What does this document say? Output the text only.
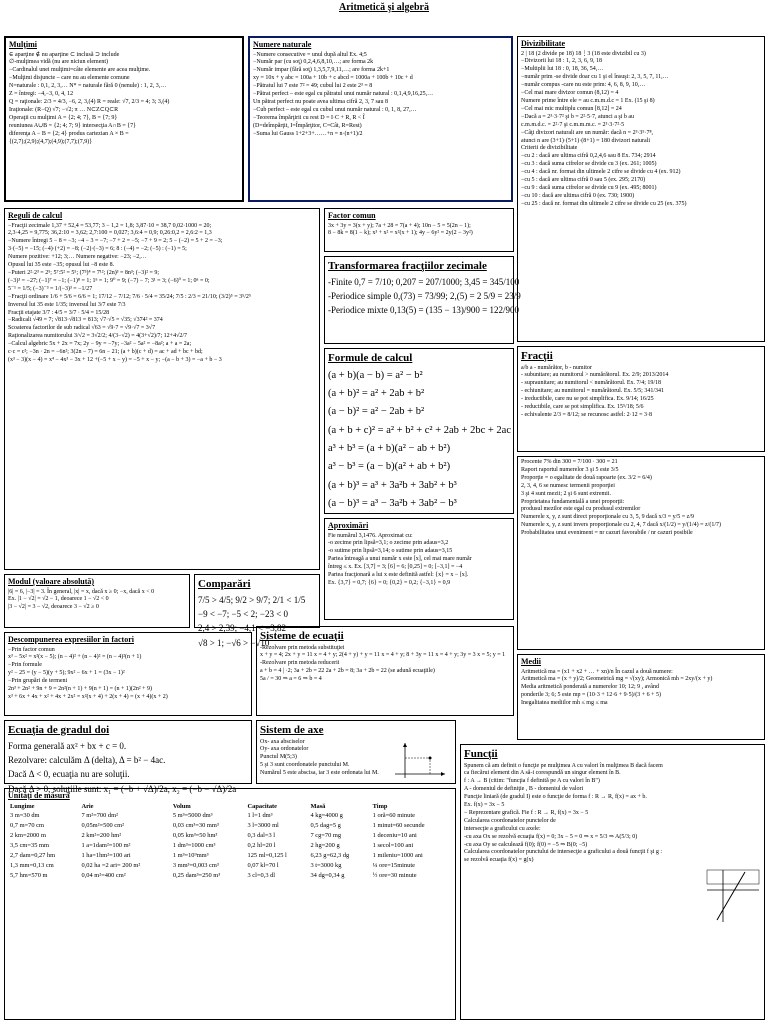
Aritmetică şi algebră
Mulţimi
∈ aparţine ∉ nu aparţine ⊂ inclusă ⊃ include
∅-mulţimea vidă (nu are niciun element)
−Cardinalul unei mulţimi=câte elemente are acea mulţime.
−Mulţimi disjuncte – care nu au elemente comune
N=naturale : 0,1, 2, 3,… N* = naturale fără 0 (nenule) : 1, 2, 3,…
Z = întregi: −4,−3, 0, 4, 12
Q = raţionale: 2/3 = 4/3, −6, 2, 3,(4) R = reale: √7, 2/3 = 4; 3; 3,(4)
Iraţionale: (R−Q) √7; −√2; π … N⊂Z⊂Q⊂R
Operaţii cu mulţimi A = {2; 4; 7}, B = {7; 9}
reuniunea A∪B = {2; 4; 7; 9} intersecţia A∩B = {7}
diferenţa A − B = {2; 4} produs cartezian A × B =
{(2,7);(2,9);(4,7);(4,9);(7,7);(7,9)}
Numere naturale
−Numere consecutive = unul după altul Ex. 4;5
−Număr par (cu soţ) 0,2,4,6,8,10,…; are forma 2k
−Număr impar (fără soţ) 1,3,5,7,9,11,…; are forma 2k+1
xy = 10x + y abc = 100a + 10b + c abcd = 1000a + 100b + 10c + d
−Pătratul lui 7 este 7² = 49; cubul lui 2 este 2³ = 8
−Pătrat perfect – este egal cu pătratul unui număr natural : 0,1,4,9,16,25,…
Un pătrat perfect nu poate avea ultima cifră 2, 3, 7 sau 8
−Cub perfect – este egal cu cubul unui număr natural : 0, 1, 8, 27,…
−Teorema împărţirii cu rest D = I·C + R, R < Î
(D=deîmpărţit, I=Împărţitor, C=Cât, R=Rest)
−Suma lui Gauss 1+2+3+……+n = n·(n+1)/2
Divizibilitate
2 | 18 (2 divide pe 18) 18⋮3 (18 este divizibil cu 3)
−Divizorii lui 18 : 1, 2, 3, 6, 9, 18
−Multiplii lui 18 : 0, 18, 36, 54,…
−număr prim -se divide doar cu 1 şi el însuşi: 2, 3, 5, 7, 11,…
−număr compus -care nu este prim: 4, 6, 8, 9, 10,…
−Cel mai mare divizor comun (8,12) = 4
Numere prime între ele = au c.m.m.d.c = 1 Ex. (15 şi 8)
−Cel mai mic multiplu comun [8,12] = 24
−Dacă a = 2³·3·7² şi b = 2²·5·7, atunci a şi b au
c.m.m.d.c. = 2²·7 şi c.m.m.m.c. = 2³·3·7²·5
−Câţi divizori naturali are un număr: dacă n = 2³·3⁵·7⁸,
atunci n are (3+1)·(5+1)·(8+1) = 180 divizori naturali
Criterii de divizibilitate
−cu 2 : dacă are ultima cifră 0,2,4,6 sau 8 Ex. 734; 2914
−cu 3 : dacă suma cifrelor se divide cu 3 (ex. 261; 1005)
−cu 4 : dacă nr. format din ultimele 2 cifre se divide cu 4 (ex. 912)
−cu 5 : dacă are ultima cifră 0 sau 5 (ex. 295; 2170)
−cu 9 : dacă suma cifrelor se divide cu 9 (ex. 495; 8001)
−cu 10 : dacă are ultima cifră 0 (ex. 730; 1900)
−cu 25 : dacă nr. format din ultimele 2 cifre se divide cu 25 (ex. 375)
Reguli de calcul
−Fracţii zecimale 1,37 + 52,4 = 53,77; 3 − 1,2 = 1,8; 3,87·10 = 38,7 0,02·1000 = 20;
2,3·4,25 = 9,775; 36,2:10 = 3,62; 2,7:100 = 0,027; 3,6:4 = 0,9; 0,26:0,2 = 2,6:2 = 1,3
−Numere întregi 5 − 8 = −3; −4 − 3 = −7; −7 + 2 = −5; −7 + 9 = 2; 5 − (−2) = 5 + 2 = −3;
3·(−5) = −15; (−4)·(+2) = −8; (−2)·(−3) = 6; 8 : (−4) = −2; (−5) : (−1) = 5;
Numere pozitive: +12; 3;… Numere negative: −23; −2,…
Opusul lui 35 este −35; opusul lui −8 este 8.
−Puteri 2²·2³ = 2⁵; 5⁷:5² = 5⁵; (7³)⁴ = 7¹²; (2n)³ = 8n³; (−3)² = 9;
(−3)³ = −27; (−1)⁷ = −1; (−1)⁸ = 1; 1ⁿ = 1; 9⁰ = 9; (−7) − 7; 3¹ = 3; (−6)⁰ = 1; 0ⁿ = 0;
5⁻¹ = 1/5; (−3)⁻³ = 1/(−3)³ = −1/27
−Fracţii ordinare 1/6 + 5/6 = 6/6 = 1; 17/12 − 7/12; 7/6 · 5/4 = 35/24; 7/5 : 2/3 = 21/10; (3/2)⁵ = 3⁵/2⁵
Inversul lui 35 este 1/35; inversul lui 3/7 este 7/3
Fracţii etajate 3/7 : 4/5 = 3/7 · 5/4 = 15/28
−Radicali √49 = 7; √813·√813 = 813; √7·√5 = √35; √374² = 374
Scoaterea factorilor de sub radical √63 = √9·7 = √9·√7 = 3√7
Raţionalizarea numitorului 3/√2 = 3√2/2; 4/(3−√2) = 4(3+√2)/7; 12+4√2/7
−Calcul algebric 5x + 2x = 7x; 2y − 9y = −7y; −3a² − 5a² = −8a²; a + a = 2a;
c·c = c²; −3n · 2n = −6n²; 3(2n − 7) = 6n − 21; (a + b)(c + d) = ac + ad + bc + bd;
(x³ − 3)(x − 4) = x⁴ − 4x³ − 3x + 12 +(−5 + x − y) = −5 + x − y; −(a − b + 3) = −a + b − 3
Factor comun
3x + 3y = 3(x + y); 7a + 28 = 7(a + 4); 10n − 5 = 5(2n − 1);
8 − 8k = 8(1 − k); x³ + x² = x²(x + 1); 4y − 6y² = 2y(2 − 3y²)
Transformarea fracţiilor zecimale
-Finite 0,7 = 7/10; 0,207 = 207/1000; 3,45 = 345/100
-Periodice simple 0,(73) = 73/99; 2,(5) = 2 5/9 = 23/9
-Periodice mixte 0,13(5) = (135 − 13)/900 = 122/900
Formule de calcul
(a + b)(a − b) = a² − b²
(a + b)² = a² + 2ab + b²
(a − b)² = a² − 2ab + b²
(a + b + c)² = a² + b² + c² + 2ab + 2bc + 2ac
a³ + b³ = (a + b)(a² − ab + b²)
a³ − b³ = (a − b)(a² + ab + b²)
(a + b)³ = a³ + 3a²b + 3ab² + b³
(a − b)³ = a³ − 3a²b + 3ab² − b³
Fracţii
a/b a - numărător, b - numitor
- subunitare; au numitorul > numărătorul. Ex. 2/9; 2013/2014
- supraunitare; au numitorul < numărătorul. Ex. 7/4; 19/18
- echiunitare; au numitorul = numărătorul. Ex. 5/5; 341/341
- ireductibile, care nu se pot simplifica. Ex. 9/14; 16/25
- reductibile, care se pot simplifica. Ex. 15⁵/18; 5/6
- echivalente 2/3 = 8/12; se recunosc astfel: 2·12 = 3·8
Procente 7% din 300 = 7/100 · 300 = 21
Raport raportul numerelor 3 şi 5 este 3/5
Proporţie = o egalitate de două rapoarte (ex. 3/2 = 6/4)
2, 3, 4, 6 se numesc termenii proporţiei
3 şi 4 sunt mezii; 2 şi 6 sunt extremii.
Proprietatea fundamentală a unei proporţii:
produsul mezilor este egal cu produsul extremilor
Numerele x, y, z sunt direct proporţionale cu 3, 5, 9 dacă x/3 = y/5 = z/9
Numerele x, y, z sunt invers proporţionale cu 2, 4, 7 dacă x/(1/2) = y/(1/4) = z/(1/7)
Probabilitatea unui eveniment = nr cazuri favorabile / nr cazuri posibile
Aproximări
Fie numărul 3,1476. Aproximat cu:
-o zecime prin lipsă=3,1; o zecime prin adaus=3,2
-o sutime prin lipsă=3,14; o sutime prin adaus=3,15
Partea întreagă a unui număr x este [x], cel mai mare număr
întreg ≤ x. Ex. [3,7] = 3; [6] = 6; [0,25] = 0; [−3,1] = −4
Partea fracţionară a lui x este definită astfel: {x} = x − [x].
Ex. {3,7} = 0,7; {6} = 0; {0,2} = 0,2; {−3,1} = 0,9
Modul (valoare absolută)
|6| = 6, |−3| = 3. În general, |x| = x, dacă x ≥ 0; −x, dacă x < 0
Ex. |1 − √2| = √2 − 1, deoarece 1 − √2 < 0
|3 − √2| = 3 − √2, deoarece 3 − √2 ≥ 0
Comparări
7/5 > 4/5; 9/2 > 9/7; 2/1 < 1/5
−9 < −7; −5 < 2; −23 < 0
2,4 > 2,39; −4,1 < −3,82
√8 > 1; −√6 > −√10
Descompunerea expresiilor în factori
−Prin factor comun
x³ − 5x² = x²(x − 5); (n − 4)² + (n − 4)² = (n − 4)²(n + 1)
−Prin formule
y² − 25 = (y − 5)(y + 5); 9x² − 6x + 1 = (3x − 1)²
−Prin grupări de termeni
2n³ + 2n² + 9n + 9 = 2n²(n + 1) + 9(n + 1) = (n + 1)(2n² + 9)
x³ + 6x + 4x + x² + 4x + 2x² = x²(x + 4) + 2(x + 4) = (x + 4)(x + 2)
Sisteme de ecuaţii
-Rezolvare prin metoda substituţiei
x + y = 4; 2x + y = 11 x = 4 + y; 2(4 + y) + y = 11 x = 4 + y; 8 + 3y = 11 x = 4 + y; 3y = 3 x = 5; y = 1
-Rezolvare prin metoda reducerii
a + b = 4 | ·2; 3a + 2b = 22 2a + 2b = 8; 3a + 2b = 22 (se adună ecuaţiile)
5a / = 30 ⇒ a = 6 ⇒ b = 4
Medii
Aritmetică ma = (x1 + x2 + … + xn)/n În cazul a două numere:
Aritmetică ma = (x + y)/2; Geometrică mg = √(xy); Armonică mh = 2xy/(x + y)
Media aritmetică ponderată a numerelor 10; 12; 9 , având
ponderile 3; 6; 5 este mp = (10·3 + 12·6 + 9·5)/(3 + 6 + 5)
Inegalitatea mediilor mh ≤ mg ≤ ma
Ecuaţia de gradul doi
Forma generală ax² + bx + c = 0.
Rezolvare: calculăm Δ (delta), Δ = b² − 4ac.
Dacă Δ < 0, ecuaţia nu are soluţii.
Dacă Δ > 0, soluţiile sunt: x₁ = (−b + √Δ)/2a, x₂ = (−b − √Δ)/2a
Sistem de axe
Ox- axa absciselor
Oy- axa ordonatelor
Punctul M(5;3)
5 şi 3 sunt coordonatele punctului M.
Numărul 5 este abscisa, iar 3 este ordonata lui M.
Funcţii
Spunem că am definit o funcţie pe mulţimea A cu valori în mulţimea B dacă facem
ca fiecărui element din A să-i corespundă un singur element în B.
f : A → B (citim: "funcţia f definită pe A cu valori în B")
A - domeniul de definiţie , B - domeniul de valori
Funcţie liniară (de gradul I) este o funcţie de forma f : R → R, f(x) = ax + b.
Ex. f(x) = 3x − 5
− Reprezentare grafică. Fie f : R → R, f(x) = 3x − 5
Calcularea coordonatelor punctelor de
intersecţie a graficului cu axele:
-cu axa Ox se rezolvă ecuaţia f(x) = 0; 3x − 5 = 0 ⇒ x = 5/3 ⇒ A(5/3; 0)
-cu axa Oy se calculează f(0); f(0) = −5 ⇒ B(0; −5)
Calcularea coordonatelor punctului de intersecţie a graficului a două funcţii f şi g :
se rezolvă ecuaţia f(x) = g(x)
Unităţi de măsură
Lungime	Arie	Volum	Capacitate	Masă	Timp
3 m=30 dm	7 m²=700 dm²	5 m³=5000 dm³	1 l=1 dm³	4 kg=4000 g	1 oră=60 minute
0,7 m=70 cm	0,05m²=500 cm²	0,03 cm³=30 mm³	3 l=3000 ml	0,5 dag=5 g	1 minut=60 secunde
2 km=2000 m	2 km²=200 hm²	0,05 km³=50 hm³	0,3 dal=3 l	7 cg=70 mg	1 deceniu=10 ani
3,5 cm=35 mm	1 a=1dam²=100 m²	1 dm³=1000 cm³	0,2 hl=20 l	2 hg=200 g	1 secol=100 ani
2,7 dam=0,27 hm	1 ha=1hm²=100 ari	1 m³=10⁹mm³	125 ml=0,125 l	6,23 g=62,3 dg	1 mileniu=1000 ani
1,3 mm=0,13 cm	0,02 ha =2 ari= 200 m²	3 mm³=0,003 cm³	0,07 kl=70 l	3 t=3000 kg	¼ ore=15minute
5,7 hm=570 m	0,04 m²=400 cm²	0,25 dam³=250 m³	3 cl=0,3 dl	34 dg=0,34 g	½ ore=30 minute
